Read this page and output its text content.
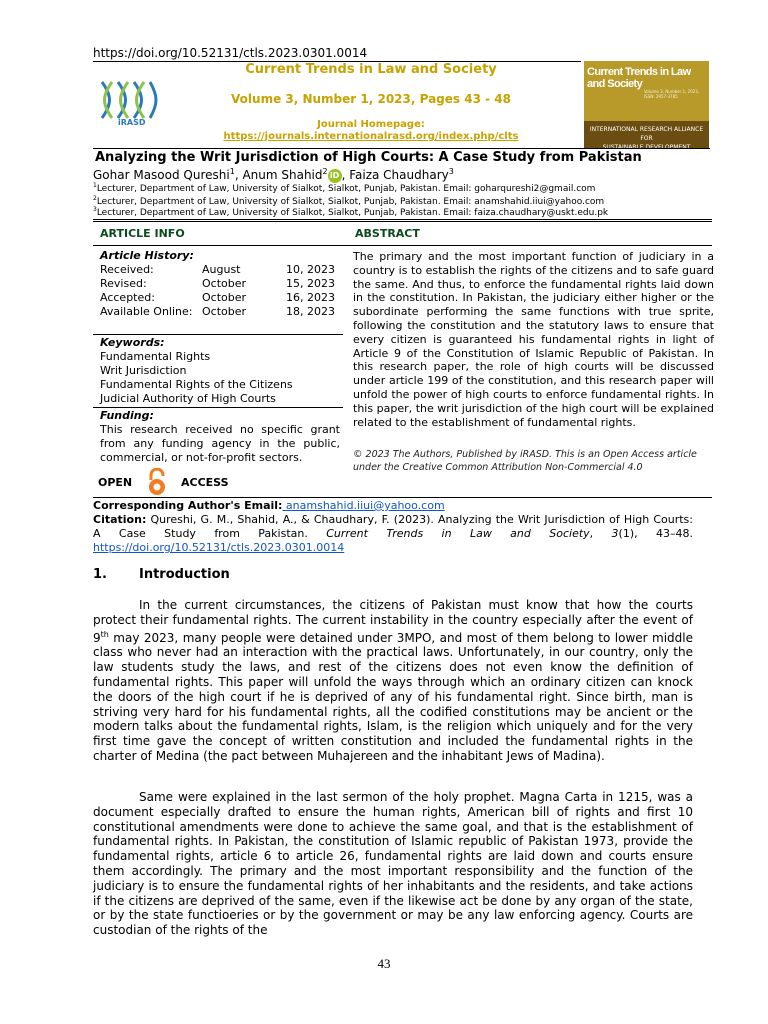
https://doi.org/10.52131/ctls.2023.0301.0014
iRASD
Current Trends in Law and Society
Volume 3, Number 1, 2023, Pages 43 - 48
Journal Homepage:
https://journals.internationalrasd.org/index.php/clts
Current Trends in Law and Society
Volume 3, Number 1, 2023, ISSN: 2957-3785
INTERNATIONAL RESEARCH ALLIANCE FOR
Analyzing the Writ Jurisdiction of High Courts: A Case Study from Pakistan
Gohar Masood Qureshi$^1$, Anum Shahid$^2$ iD , Faiza Chaudhary$^3$
$^1$Lecturer, Department of Law, University of Sialkot, Sialkot, Punjab, Pakistan. Email: goharqureshi2@gmail.com
$^2$Lecturer, Department of Law, University of Sialkot, Sialkot, Punjab, Pakistan. Email: anamshahid.iiui@yahoo.com
$^3$Lecturer, Department of Law, University of Sialkot, Sialkot, Punjab, Pakistan. Email: faiza.chaudhary@uskt.edu.pk
ARTICLE INFO	ABSTRACT
Article History:
Received:	August	10, 2023
Revised:	October	15, 2023
Accepted:	October	16, 2023
Available Online: October	18, 2023
Keywords:
Fundamental Rights
Writ Jurisdiction
Fundamental Rights of the Citizens
Judicial Authority of High Courts
Funding:
This research received no specific grant from any funding agency in the public, commercial, or not-for-profit sectors.
The primary and the most important function of judiciary in a country is to establish the rights of the citizens and to safe guard the same. And thus, to enforce the fundamental rights laid down in the constitution. In Pakistan, the judiciary either higher or the subordinate performing the same functions with true sprite, following the constitution and the statutory laws to ensure that every citizen is guaranteed his fundamental rights in light of Article 9 of the Constitution of Islamic Republic of Pakistan. In this research paper, the role of high courts will be discussed under article 199 of the constitution, and this research paper will unfold the power of high courts to enforce fundamental rights. In this paper, the writ jurisdiction of the high court will be explained related to the establishment of fundamental rights.
© 2023 The Authors, Published by iRASD. This is an Open Access article under the Creative Common Attribution Non-Commercial 4.0
OPEN	ACCESS
Corresponding Author's Email: anamshahid.iiui@yahoo.com
Citation: Qureshi, G. M., Shahid, A., & Chaudhary, F. (2023). Analyzing the Writ Jurisdiction of High Courts: A Case Study from Pakistan. Current Trends in Law and Society, 3(1), 43–48. https://doi.org/10.52131/ctls.2023.0301.0014
1. Introduction
In the current circumstances, the citizens of Pakistan must know that how the courts protect their fundamental rights. The current instability in the country especially after the event of 9th may 2023, many people were detained under 3MPO, and most of them belong to lower middle class who never had an interaction with the practical laws. Unfortunately, in our country, only the law students study the laws, and rest of the citizens does not even know the definition of fundamental rights. This paper will unfold the ways through which an ordinary citizen can knock the doors of the high court if he is deprived of any of his fundamental right. Since birth, man is striving very hard for his fundamental rights, all the codified constitutions may be ancient or the modern talks about the fundamental rights, Islam, is the religion which uniquely and for the very first time gave the concept of written constitution and included the fundamental rights in the charter of Medina (the pact between Muhajereen and the inhabitant Jews of Madina).
Same were explained in the last sermon of the holy prophet. Magna Carta in 1215, was a document especially drafted to ensure the human rights, American bill of rights and first 10 constitutional amendments were done to achieve the same goal, and that is the establishment of fundamental rights. In Pakistan, the constitution of Islamic republic of Pakistan 1973, provide the fundamental rights, article 6 to article 26, fundamental rights are laid down and courts ensure them accordingly. The primary and the most important responsibility and the function of the judiciary is to ensure the fundamental rights of her inhabitants and the residents, and take actions if the citizens are deprived of the same, even if the likewise act be done by any organ of the state, or by the state functioeries or by the government or may be any law enforcing agency. Courts are custodian of the rights of the
43
